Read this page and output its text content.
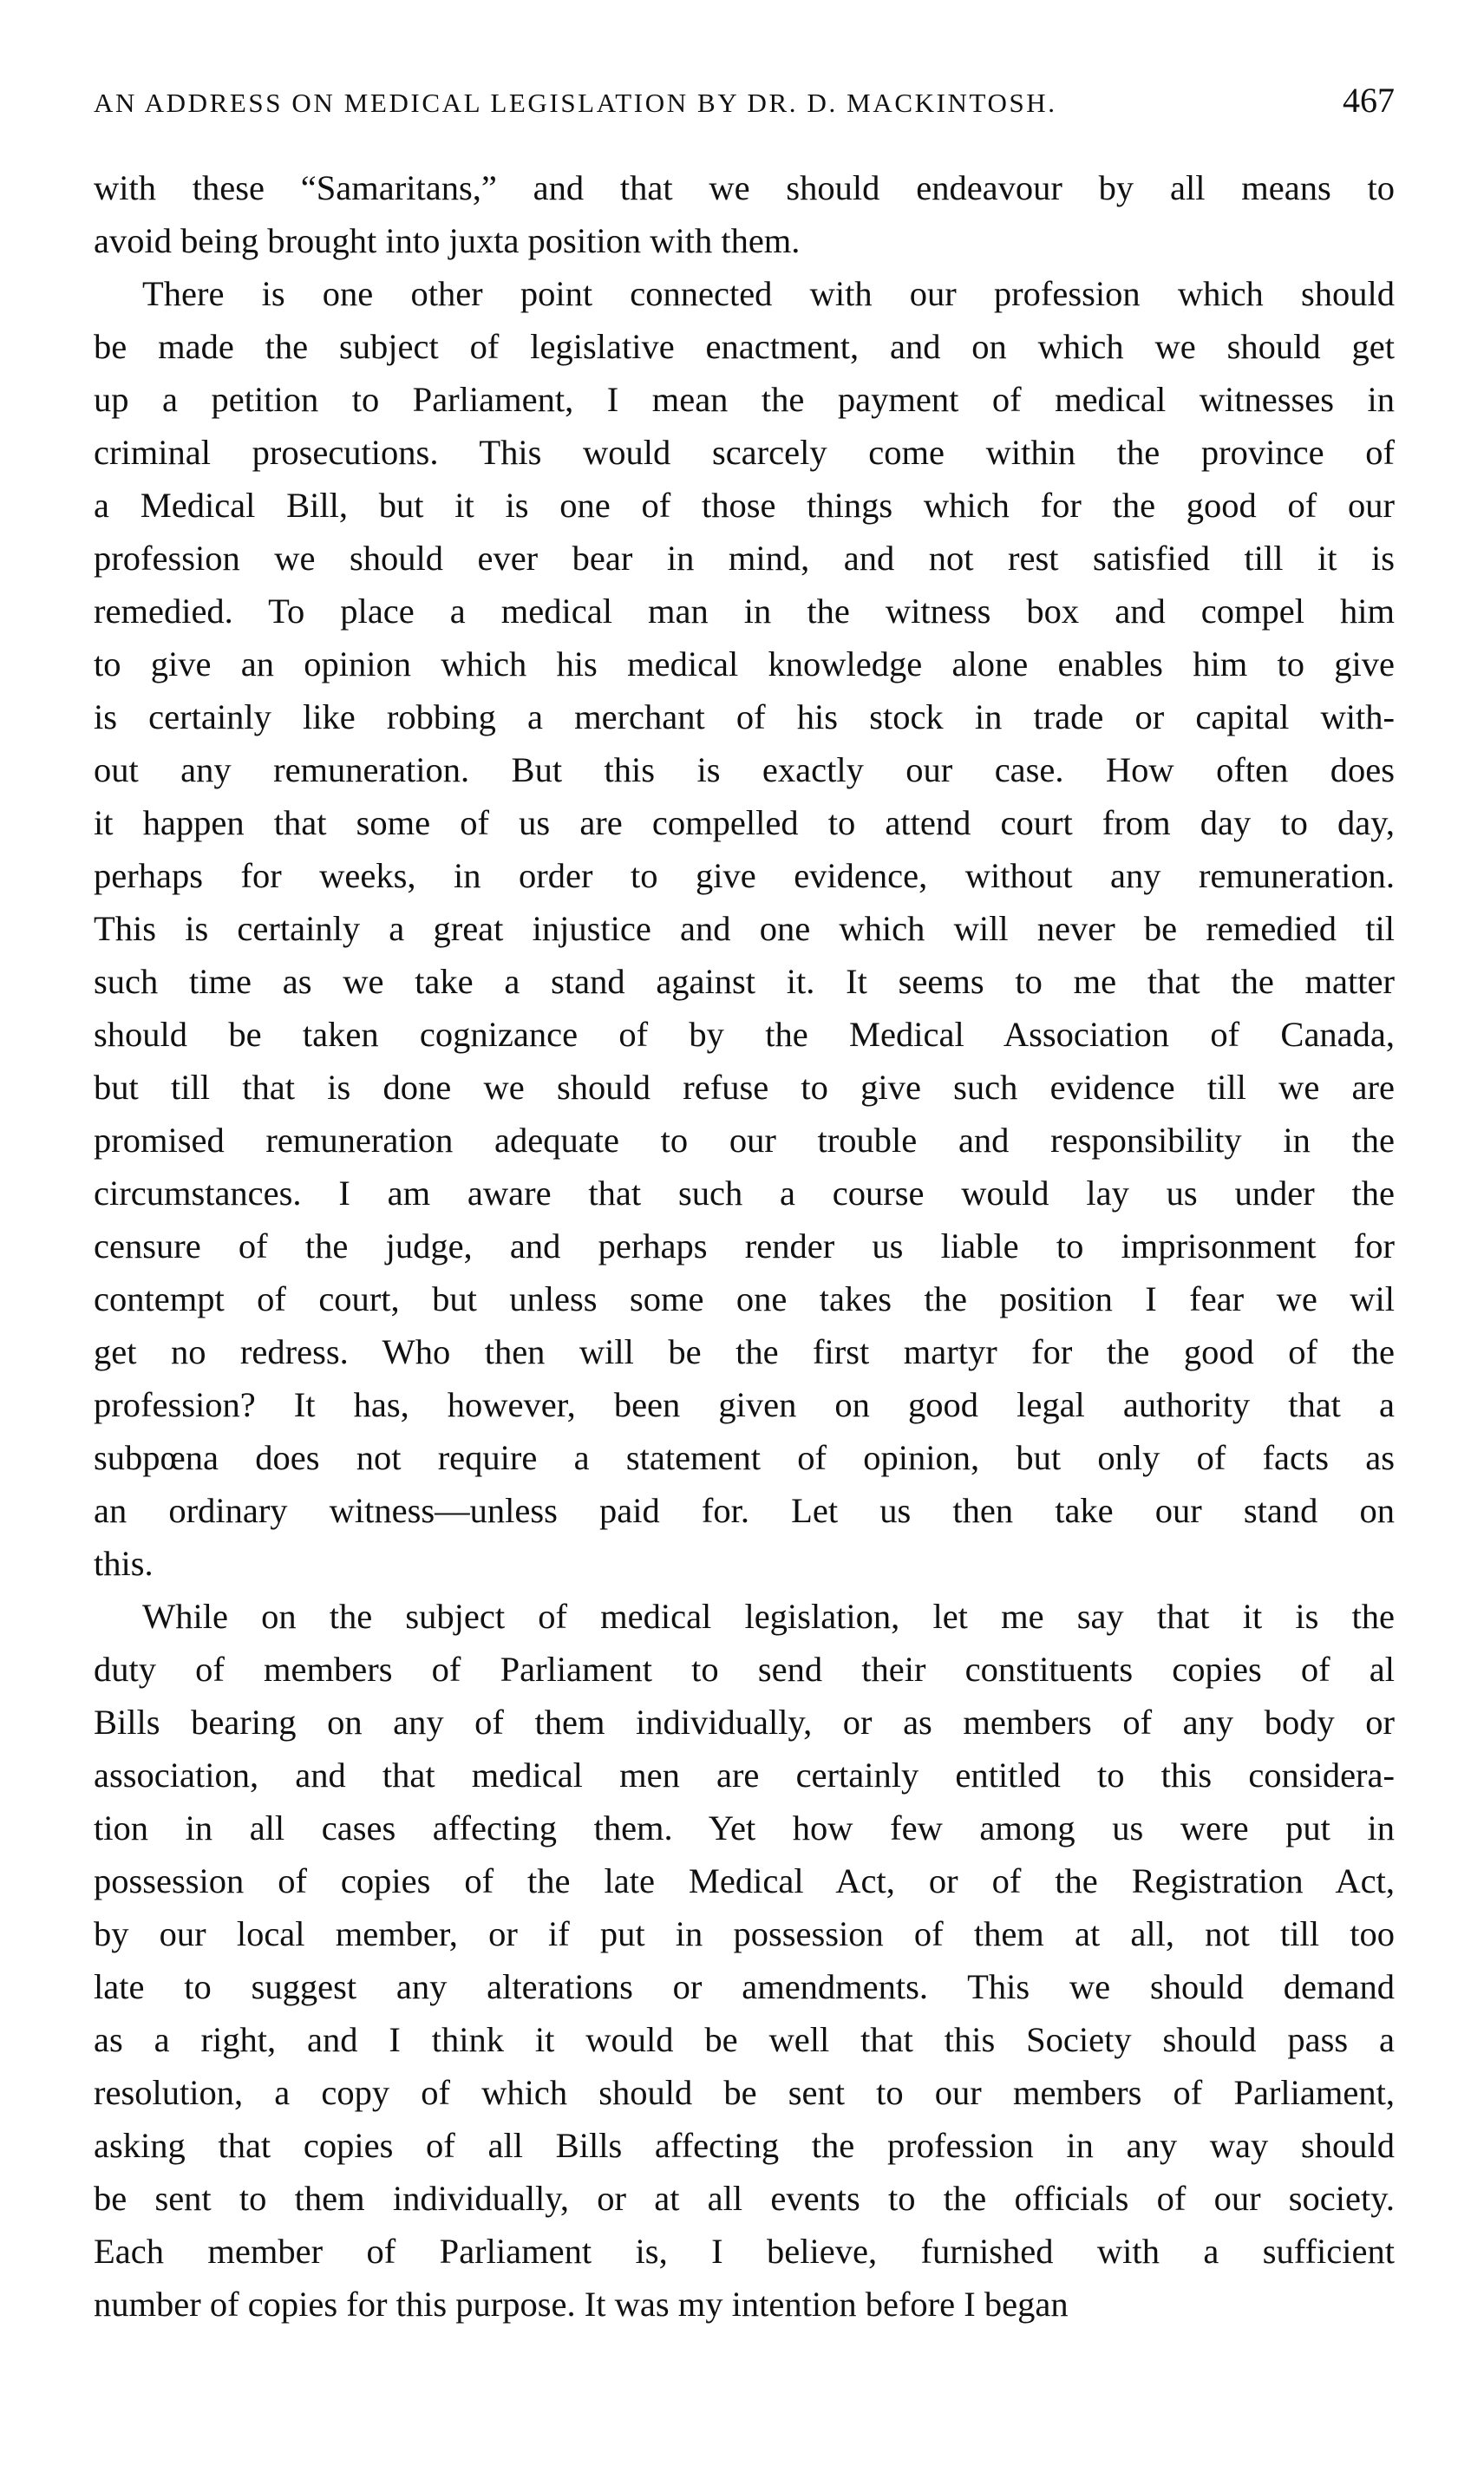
AN ADDRESS ON MEDICAL LEGISLATION BY DR. D. MACKINTOSH.	467
with these “Samaritans,” and that we should endeavour by all means to
avoid being brought into juxta position with them.
There is one other point connected with our profession which should
be made the subject of legislative enactment, and on which we should get
up a petition to Parliament, I mean the payment of medical witnesses in
criminal prosecutions. This would scarcely come within the province of
a Medical Bill, but it is one of those things which for the good of our
profession we should ever bear in mind, and not rest satisfied till it is
remedied. To place a medical man in the witness box and compel him
to give an opinion which his medical knowledge alone enables him to give
is certainly like robbing a merchant of his stock in trade or capital with-
out any remuneration. But this is exactly our case. How often does
it happen that some of us are compelled to attend court from day to day,
perhaps for weeks, in order to give evidence, without any remuneration.
This is certainly a great injustice and one which will never be remedied til
such time as we take a stand against it. It seems to me that the matter
should be taken cognizance of by the Medical Association of Canada,
but till that is done we should refuse to give such evidence till we are
promised remuneration adequate to our trouble and responsibility in the
circumstances. I am aware that such a course would lay us under the
censure of the judge, and perhaps render us liable to imprisonment for
contempt of court, but unless some one takes the position I fear we wil
get no redress. Who then will be the first martyr for the good of the
profession? It has, however, been given on good legal authority that a
subpœna does not require a statement of opinion, but only of facts as
an ordinary witness—unless paid for. Let us then take our stand on
this.
While on the subject of medical legislation, let me say that it is the
duty of members of Parliament to send their constituents copies of al
Bills bearing on any of them individually, or as members of any body or
association, and that medical men are certainly entitled to this considera-
tion in all cases affecting them. Yet how few among us were put in
possession of copies of the late Medical Act, or of the Registration Act,
by our local member, or if put in possession of them at all, not till too
late to suggest any alterations or amendments. This we should demand
as a right, and I think it would be well that this Society should pass a
resolution, a copy of which should be sent to our members of Parliament,
asking that copies of all Bills affecting the profession in any way should
be sent to them individually, or at all events to the officials of our society.
Each member of Parliament is, I believe, furnished with a sufficient
number of copies for this purpose. It was my intention before I began
